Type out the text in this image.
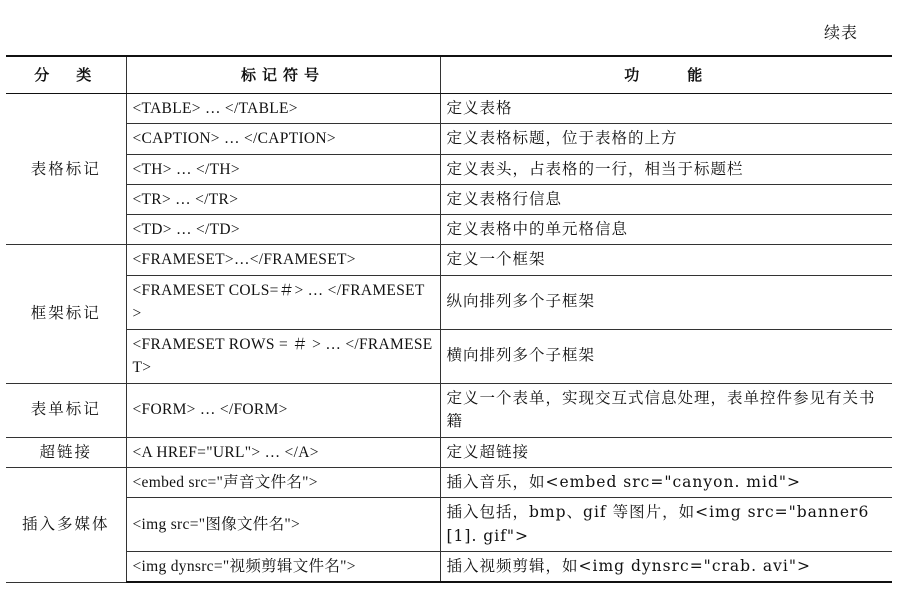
续表
分　类	标记符号	功　　能
表格标记	<TABLE> … </TABLE>	定义表格
	<CAPTION> … </CAPTION>	定义表格标题，位于表格的上方
	<TH> … </TH>	定义表头，占表格的一行，相当于标题栏
	<TR> … </TR>	定义表格行信息
	<TD> … </TD>	定义表格中的单元格信息
框架标记	<FRAMESET>…</FRAMESET>	定义一个框架
	<FRAMESET COLS=＃> … </FRAMESET>	纵向排列多个子框架
	<FRAMESET ROWS = ＃ > … </FRAMESET>	横向排列多个子框架
表单标记	<FORM> … </FORM>	定义一个表单，实现交互式信息处理，表单控件参见有关书籍
超链接	<A HREF="URL"> … </A>	定义超链接
插入多媒体	<embed src="声音文件名">	插入音乐，如<embed src="canyon. mid">
	<img src="图像文件名">	插入包括，bmp、gif 等图片，如<img src="banner6[1]. gif">
	<img dynsrc="视频剪辑文件名">	插入视频剪辑，如<img dynsrc="crab. avi">
